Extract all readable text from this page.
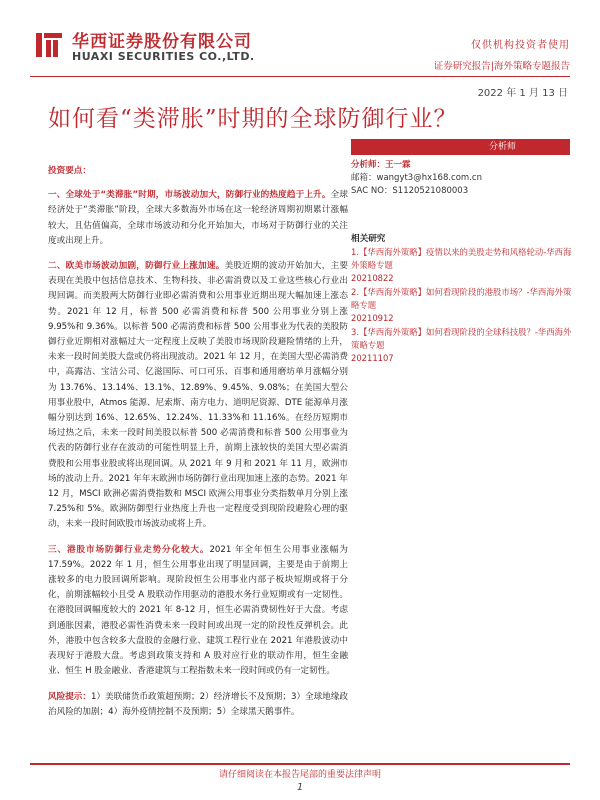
华西证券股份有限公司
HUAXI SECURITIES CO.,LTD.
仅供机构投资者使用
证券研究报告|海外策略专题报告
2022 年 1 月 13 日
如何看“类滞胀”时期的全球防御行业？
投资要点：

一、全球处于“类滞胀”时期，市场波动加大，防御行业的热度趋于上升。全球经济处于“类滞胀”阶段，全球大多数海外市场在这一轮经济周期初期累计涨幅较大，且估值偏高，全球市场波动和分化开始加大，市场对于防御行业的关注度或出现上升。

二、欧美市场波动加剧，防御行业上涨加速。美股近期的波动开始加大，主要表现在美股中包括信息技术、生物科技、非必需消费以及工业这些核心行业出现回调。而美股两大防御行业即必需消费和公用事业近期出现大幅加速上涨态势。2021 年 12 月，标普 500 必需消费和标普 500 公用事业分别上涨 9.95%和 9.36%。以标普 500 必需消费和标普 500 公用事业为代表的美股防御行业近期相对涨幅过大一定程度上反映了美股市场现阶段避险情绪的上升，未来一段时间美股大盘或仍将出现波动。2021 年 12 月，在美国大型必需消费中，高露洁、宝洁公司、亿滋国际、可口可乐、百事和通用磨坊单月涨幅分别为 13.76%、13.14%、13.1%、12.89%、9.45%、9.08%；在美国大型公用事业股中，Atmos 能源、尼索斯、南方电力、道明尼资源、DTE 能源单月涨幅分别达到 16%、12.65%、12.24%、11.33%和 11.16%。在经历短期市场过热之后，未来一段时间美股以标普 500 必需消费和标普 500 公用事业为代表的防御行业存在波动的可能性明显上升，前期上涨较快的美国大型必需消费股和公用事业股或将出现回调。从 2021 年 9 月和 2021 年 11 月，欧洲市场的波动上升。2021 年年末欧洲市场防御行业出现加速上涨的态势。2021 年 12 月，MSCI 欧洲必需消费指数和 MSCI 欧洲公用事业分类指数单月分别上涨 7.25%和 5%。欧洲防御型行业热度上升也一定程度受到现阶段避险心理的驱动，未来一段时间欧股市场波动或将上升。

三、港股市场防御行业走势分化较大。2021 年全年恒生公用事业涨幅为 17.59%。2022 年 1 月，恒生公用事业出现了明显回调，主要是由于前期上涨较多的电力股回调所影响。现阶段恒生公用事业内部子板块短期或将于分化，前期涨幅较小且受 A 股联动作用驱动的港股水务行业短期或有一定韧性。在港股回调幅度较大的 2021 年 8-12 月，恒生必需消费韧性好于大盘。考虑到通胀因素，港股必需性消费未来一段时间或出现一定的阶段性反弹机会。此外，港股中包含较多大盘股的金融行业、建筑工程行业在 2021 年港股波动中表现好于港股大盘。考虑到政策支持和 A 股对应行业的联动作用，恒生金融业、恒生 H 股金融业、香港建筑与工程指数未来一段时间或仍有一定韧性。

风险提示：1）美联储货币政策超预期；2）经济增长不及预期；3）全球地缘政治风险的加剧；4）海外疫情控制不及预期；5）全球黑天鹅事件。

分析师
分析师：王一霖
邮箱：wangyt3@hx168.com.cn
SAC NO：S1120521080003
相关研究
1.【华西海外策略】疫情以来的美股走势和风格轮动-华西海外策略专题
20210822
2.【华西海外策略】如何看现阶段的港股市场？-华西海外策略专题
20210912
3.【华西海外策略】如何看现阶段的全球科技股？-华西海外策略专题
20211107
请仔细阅读在本报告尾部的重要法律声明
1
